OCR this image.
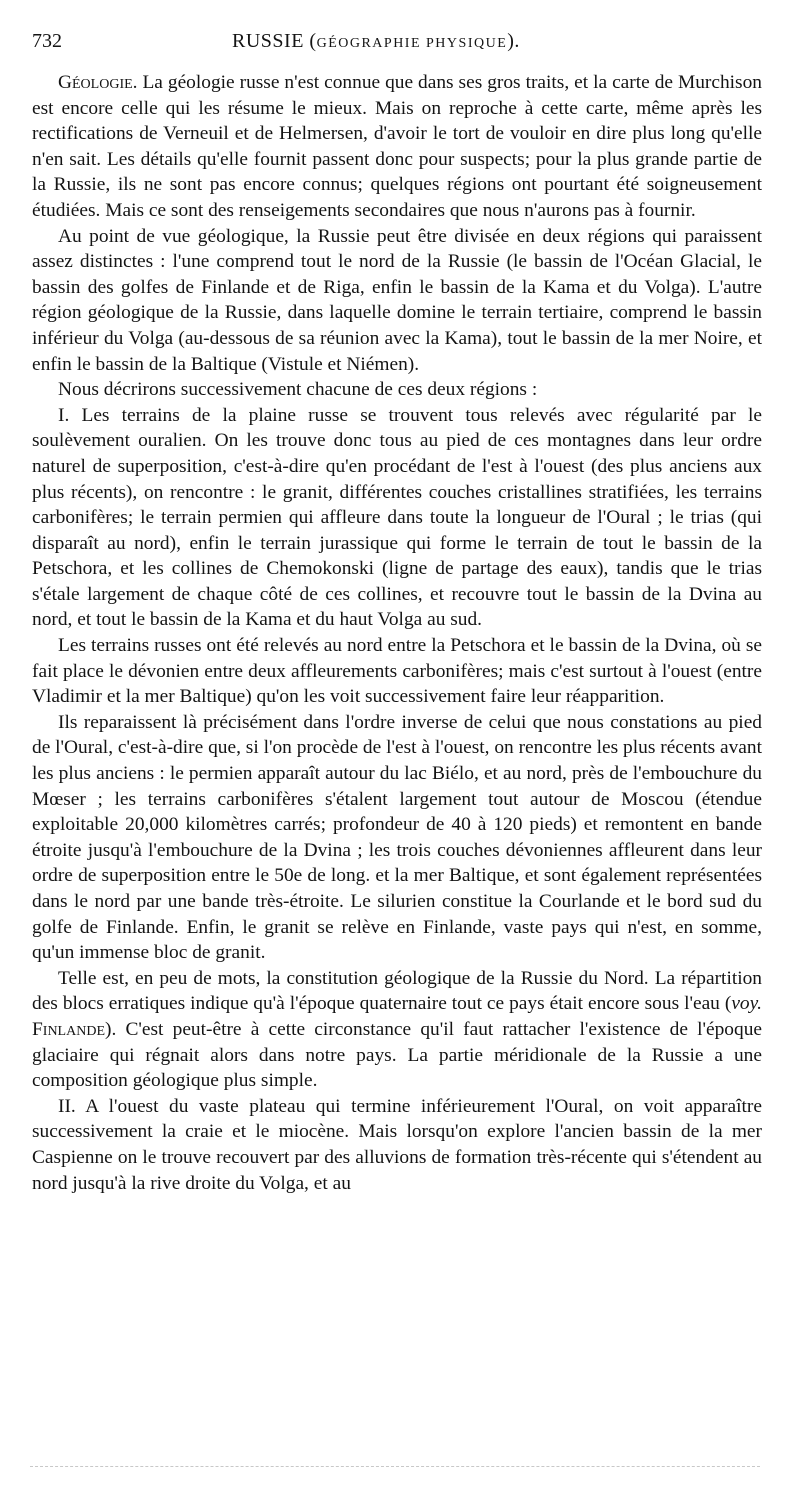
732	RUSSIE (GÉOGRAPHIE PHYSIQUE).

Géologie. La géologie russe n'est connue que dans ses gros traits, et la carte de Murchison est encore celle qui les résume le mieux. Mais on reproche à cette carte, même après les rectifications de Verneuil et de Helmersen, d'avoir le tort de vouloir en dire plus long qu'elle n'en sait. Les détails qu'elle fournit passent donc pour suspects; pour la plus grande partie de la Russie, ils ne sont pas encore connus; quelques régions ont pourtant été soigneusement étudiées. Mais ce sont des renseigements secondaires que nous n'aurons pas à fournir.

Au point de vue géologique, la Russie peut être divisée en deux régions qui paraissent assez distinctes : l'une comprend tout le nord de la Russie (le bassin de l'Océan Glacial, le bassin des golfes de Finlande et de Riga, enfin le bassin de la Kama et du Volga). L'autre région géologique de la Russie, dans laquelle domine le terrain tertiaire, comprend le bassin inférieur du Volga (au-dessous de sa réunion avec la Kama), tout le bassin de la mer Noire, et enfin le bassin de la Baltique (Vistule et Niémen).

Nous décrirons successivement chacune de ces deux régions :

I. Les terrains de la plaine russe se trouvent tous relevés avec régularité par le soulèvement ouralien. On les trouve donc tous au pied de ces montagnes dans leur ordre naturel de superposition, c'est-à-dire qu'en procédant de l'est à l'ouest (des plus anciens aux plus récents), on rencontre : le granit, différentes couches cristallines stratifiées, les terrains carbonifères; le terrain permien qui affleure dans toute la longueur de l'Oural ; le trias (qui disparaît au nord), enfin le terrain jurassique qui forme le terrain de tout le bassin de la Petschora, et les collines de Chemokonski (ligne de partage des eaux), tandis que le trias s'étale largement de chaque côté de ces collines, et recouvre tout le bassin de la Dvina au nord, et tout le bassin de la Kama et du haut Volga au sud.

Les terrains russes ont été relevés au nord entre la Petschora et le bassin de la Dvina, où se fait place le dévonien entre deux affleurements carbonifères; mais c'est surtout à l'ouest (entre Vladimir et la mer Baltique) qu'on les voit successivement faire leur réapparition.

Ils reparaissent là précisément dans l'ordre inverse de celui que nous constations au pied de l'Oural, c'est-à-dire que, si l'on procède de l'est à l'ouest, on rencontre les plus récents avant les plus anciens : le permien apparaît autour du lac Biélo, et au nord, près de l'embouchure du Mœser ; les terrains carbonifères s'étalent largement tout autour de Moscou (étendue exploitable 20,000 kilomètres carrés; profondeur de 40 à 120 pieds) et remontent en bande étroite jusqu'à l'embouchure de la Dvina ; les trois couches dévoniennes affleurent dans leur ordre de superposition entre le 50e de long. et la mer Baltique, et sont également représentées dans le nord par une bande très-étroite. Le silurien constitue la Courlande et le bord sud du golfe de Finlande. Enfin, le granit se relève en Finlande, vaste pays qui n'est, en somme, qu'un immense bloc de granit.

Telle est, en peu de mots, la constitution géologique de la Russie du Nord. La répartition des blocs erratiques indique qu'à l'époque quaternaire tout ce pays était encore sous l'eau (voy. Finlande). C'est peut-être à cette circonstance qu'il faut rattacher l'existence de l'époque glaciaire qui régnait alors dans notre pays. La partie méridionale de la Russie a une composition géologique plus simple.

II. A l'ouest du vaste plateau qui termine inférieurement l'Oural, on voit apparaître successivement la craie et le miocène. Mais lorsqu'on explore l'ancien bassin de la mer Caspienne on le trouve recouvert par des alluvions de formation très-récente qui s'étendent au nord jusqu'à la rive droite du Volga, et au
